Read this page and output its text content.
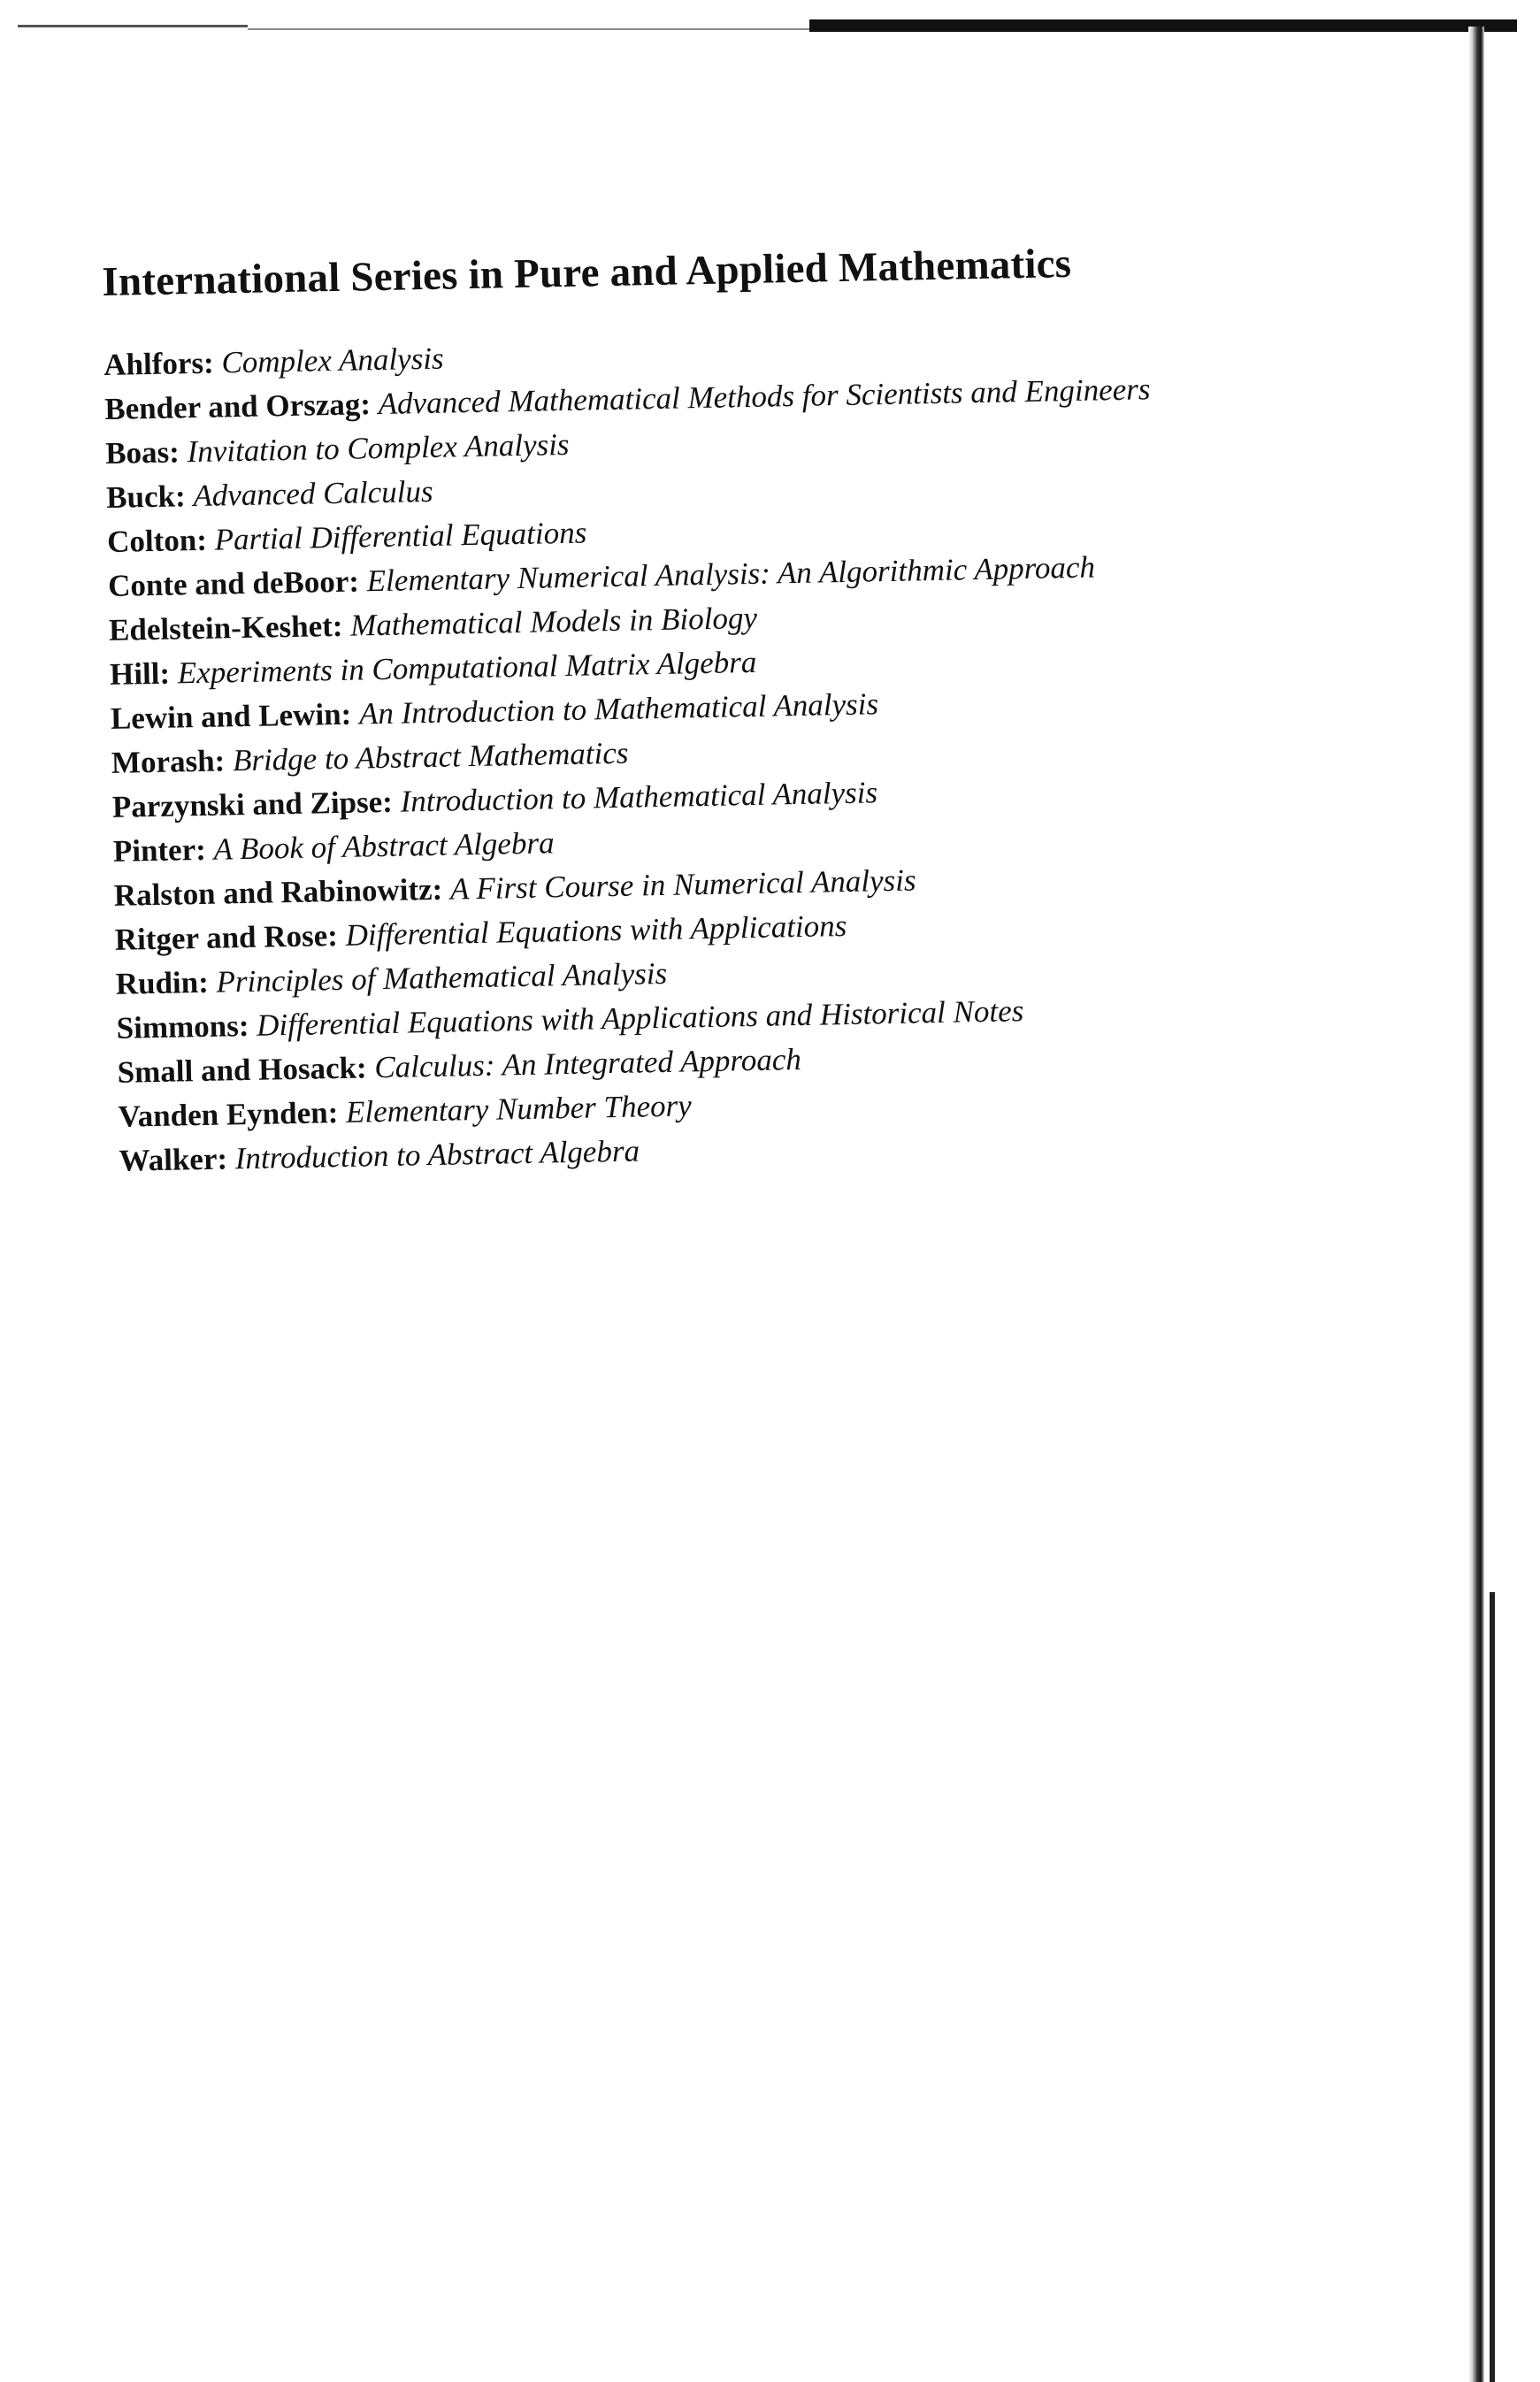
International Series in Pure and Applied Mathematics
Ahlfors: Complex Analysis
Bender and Orszag: Advanced Mathematical Methods for Scientists and Engineers
Boas: Invitation to Complex Analysis
Buck: Advanced Calculus
Colton: Partial Differential Equations
Conte and deBoor: Elementary Numerical Analysis: An Algorithmic Approach
Edelstein-Keshet: Mathematical Models in Biology
Hill: Experiments in Computational Matrix Algebra
Lewin and Lewin: An Introduction to Mathematical Analysis
Morash: Bridge to Abstract Mathematics
Parzynski and Zipse: Introduction to Mathematical Analysis
Pinter: A Book of Abstract Algebra
Ralston and Rabinowitz: A First Course in Numerical Analysis
Ritger and Rose: Differential Equations with Applications
Rudin: Principles of Mathematical Analysis
Simmons: Differential Equations with Applications and Historical Notes
Small and Hosack: Calculus: An Integrated Approach
Vanden Eynden: Elementary Number Theory
Walker: Introduction to Abstract Algebra
